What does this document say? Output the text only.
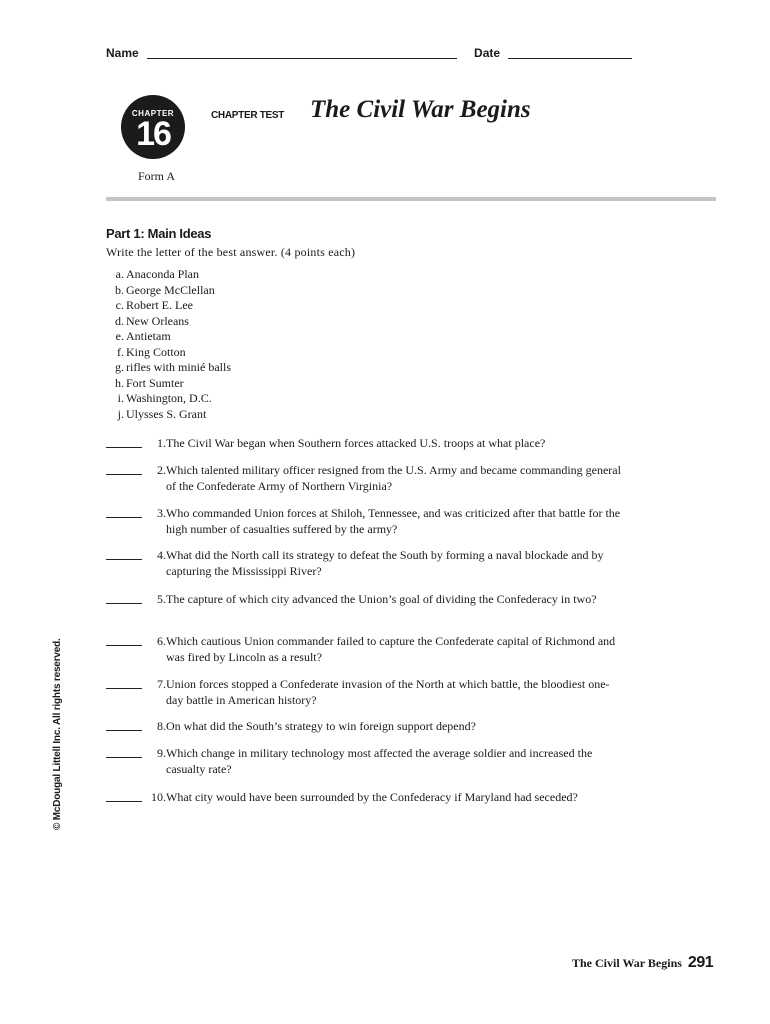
Name	Date
CHAPTER
16	CHAPTER TEST The Civil War Begins
Form A
Part 1: Main Ideas
Write the letter of the best answer. (4 points each)
a. Anaconda Plan
b. George McClellan
c. Robert E. Lee
d. New Orleans
e. Antietam
f. King Cotton
g. rifles with minié balls
h. Fort Sumter
i. Washington, D.C.
j. Ulysses S. Grant
1. The Civil War began when Southern forces attacked U.S. troops at what place?
2. Which talented military officer resigned from the U.S. Army and became commanding general of the Confederate Army of Northern Virginia?
3. Who commanded Union forces at Shiloh, Tennessee, and was criticized after that battle for the high number of casualties suffered by the army?
4. What did the North call its strategy to defeat the South by forming a naval blockade and by capturing the Mississippi River?
5. The capture of which city advanced the Union’s goal of dividing the Confederacy in two?
6. Which cautious Union commander failed to capture the Confederate capital of Richmond and was fired by Lincoln as a result?
7. Union forces stopped a Confederate invasion of the North at which battle, the bloodiest one-day battle in American history?
8. On what did the South’s strategy to win foreign support depend?
9. Which change in military technology most affected the average soldier and increased the casualty rate?
10. What city would have been surrounded by the Confederacy if Maryland had seceded?
© McDougal Littell Inc. All rights reserved.
The Civil War Begins 291
